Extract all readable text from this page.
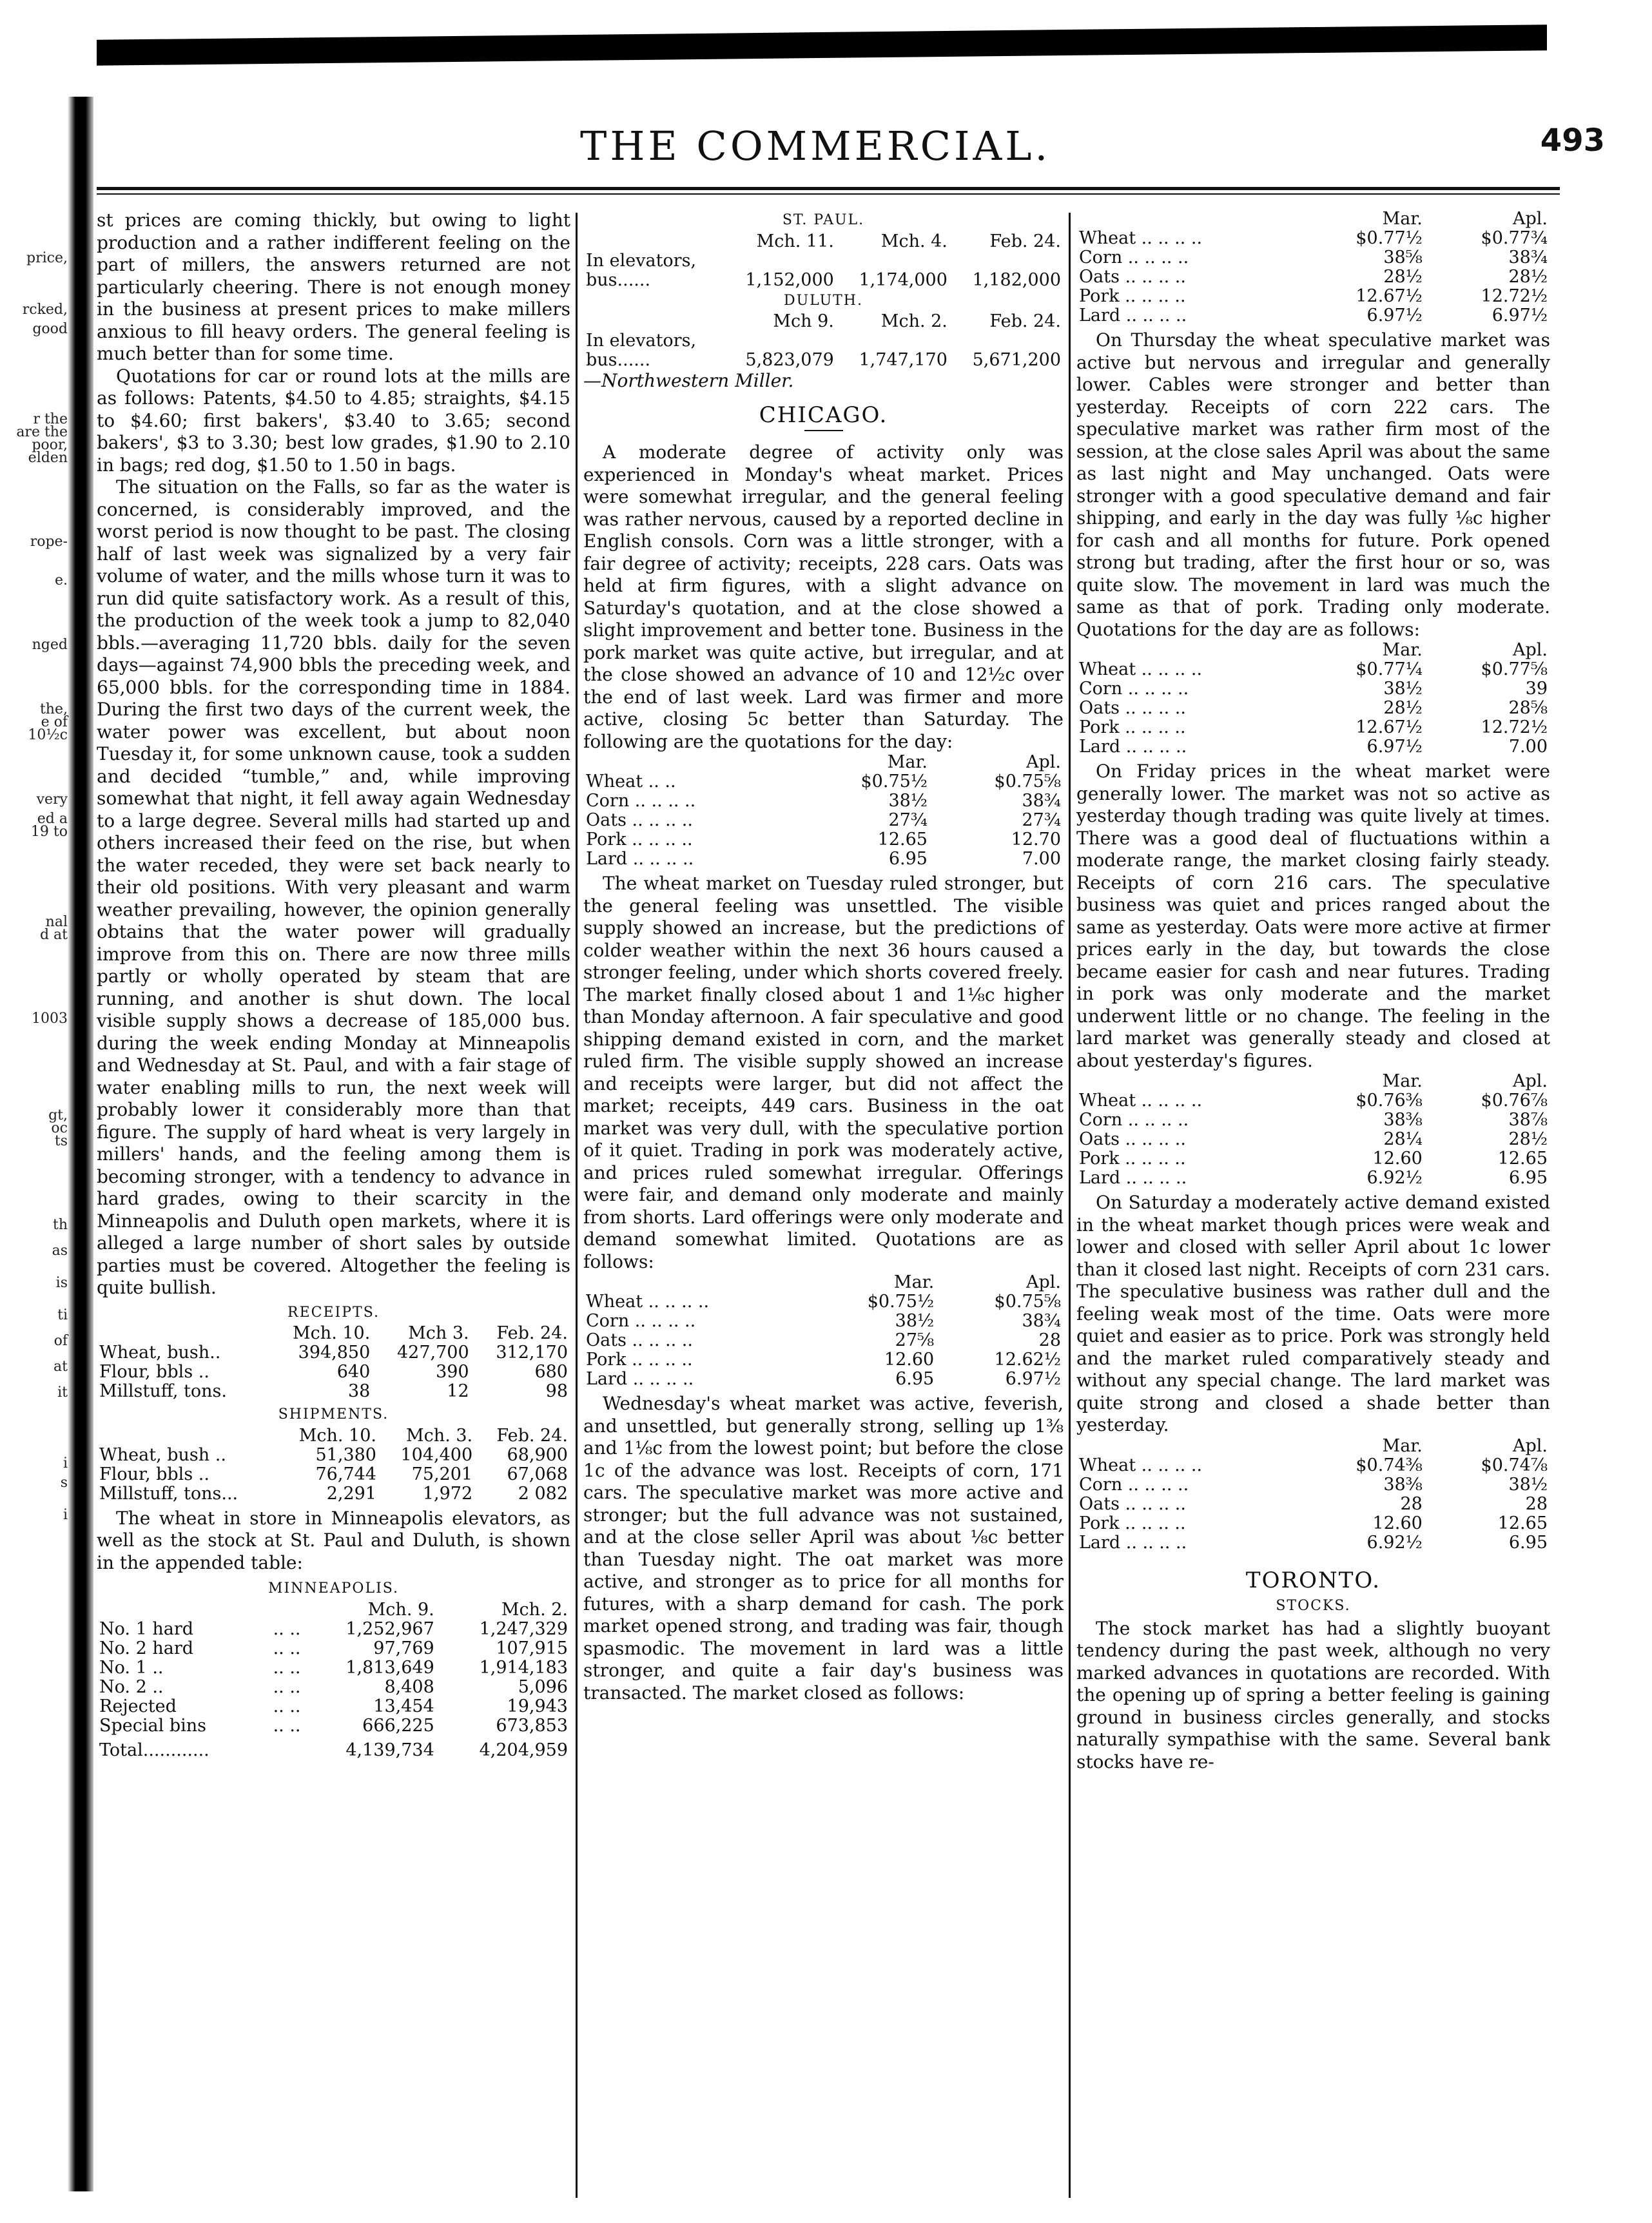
price,
rcked,
good
r the
are the
poor,
elden
rope-
e.
nged
the,
e of
10½c
very
ed a
19 to
nal
d at
1003
gt,
oc
ts
th
as
is
ti
of
at
it
i
s
i
THE COMMERCIAL.	493

st prices are coming thickly, but owing to light production and a rather indifferent feeling on the part of millers, the answers returned are not particularly cheering. There is not enough money in the business at present prices to make millers anxious to fill heavy orders. The general feeling is much better than for some time.

Quotations for car or round lots at the mills are as follows: Patents, $4.50 to 4.85; straights, $4.15 to $4.60; first bakers', $3.40 to 3.65; second bakers', $3 to 3.30; best low grades, $1.90 to 2.10 in bags; red dog, $1.50 to 1.50 in bags.

The situation on the Falls, so far as the water is concerned, is considerably improved, and the worst period is now thought to be past. The closing half of last week was signalized by a very fair volume of water, and the mills whose turn it was to run did quite satisfactory work. As a result of this, the production of the week took a jump to 82,040 bbls.—averaging 11,720 bbls. daily for the seven days—against 74,900 bbls the preceding week, and 65,000 bbls. for the corresponding time in 1884. During the first two days of the current week, the water power was excellent, but about noon Tuesday it, for some unknown cause, took a sudden and decided “tumble,” and, while improving somewhat that night, it fell away again Wednesday to a large degree. Several mills had started up and others increased their feed on the rise, but when the water receded, they were set back nearly to their old positions. With very pleasant and warm weather prevailing, however, the opinion generally obtains that the water power will gradually improve from this on. There are now three mills partly or wholly operated by steam that are running, and another is shut down. The local visible supply shows a decrease of 185,000 bus. during the week ending Monday at Minneapolis and Wednesday at St. Paul, and with a fair stage of water enabling mills to run, the next week will probably lower it considerably more than that figure. The supply of hard wheat is very largely in millers' hands, and the feeling among them is becoming stronger, with a tendency to advance in hard grades, owing to their scarcity in the Minneapolis and Duluth open markets, where it is alleged a large number of short sales by outside parties must be covered. Altogether the feeling is quite bullish.

RECEIPTS.
	Mch. 10.	Mch 3.	Feb. 24.
Wheat, bush..	394,850	427,700	312,170
Flour, bbls ..	640	390	680
Millstuff, tons.	38	12	98
SHIPMENTS.
	Mch. 10.	Mch. 3.	Feb. 24.
Wheat, bush ..	51,380	104,400	68,900
Flour, bbls ..	76,744	75,201	67,068
Millstuff, tons...	2,291	1,972	2 082

The wheat in store in Minneapolis elevators, as well as the stock at St. Paul and Duluth, is shown in the appended table:

MINNEAPOLIS.
		Mch. 9.	Mch. 2.
No. 1 hard	.. ..	1,252,967	1,247,329
No. 2 hard	.. ..	97,769	107,915
No. 1 ..	.. ..	1,813,649	1,914,183
No. 2 ..	.. ..	8,408	5,096
Rejected	.. ..	13,454	19,943
Special bins	.. ..	666,225	673,853
Total............		4,139,734	4,204,959
ST. PAUL.
	Mch. 11.	Mch. 4.	Feb. 24.
In elevators,			
bus......	1,152,000	1,174,000	1,182,000
DULUTH.
	Mch 9.	Mch. 2.	Feb. 24.
In elevators,			
bus......	5,823,079	1,747,170	5,671,200

—Northwestern Miller.

CHICAGO.

A moderate degree of activity only was experienced in Monday's wheat market. Prices were somewhat irregular, and the general feeling was rather nervous, caused by a reported decline in English consols. Corn was a little stronger, with a fair degree of activity; receipts, 228 cars. Oats was held at firm figures, with a slight advance on Saturday's quotation, and at the close showed a slight improvement and better tone. Business in the pork market was quite active, but irregular, and at the close showed an advance of 10 and 12½c over the end of last week. Lard was firmer and more active, closing 5c better than Saturday. The following are the quotations for the day:

	Mar.	Apl.
Wheat .. ..	$0.75½	$0.75⅝
Corn .. .. .. ..	38½	38¾
Oats .. .. .. ..	27¾	27¾
Pork .. .. .. ..	12.65	12.70
Lard .. .. .. ..	6.95	7.00

The wheat market on Tuesday ruled stronger, but the general feeling was unsettled. The visible supply showed an increase, but the predictions of colder weather within the next 36 hours caused a stronger feeling, under which shorts covered freely. The market finally closed about 1 and 1⅛c higher than Monday afternoon. A fair speculative and good shipping demand existed in corn, and the market ruled firm. The visible supply showed an increase and receipts were larger, but did not affect the market; receipts, 449 cars. Business in the oat market was very dull, with the speculative portion of it quiet. Trading in pork was moderately active, and prices ruled somewhat irregular. Offerings were fair, and demand only moderate and mainly from shorts. Lard offerings were only moderate and demand somewhat limited. Quotations are as follows:

	Mar.	Apl.
Wheat .. .. .. ..	$0.75½	$0.75⅝
Corn .. .. .. ..	38½	38¾
Oats .. .. .. ..	27⅝	28
Pork .. .. .. ..	12.60	12.62½
Lard .. .. .. ..	6.95	6.97½

Wednesday's wheat market was active, feverish, and unsettled, but generally strong, selling up 1⅜ and 1⅛c from the lowest point; but before the close 1c of the advance was lost. Receipts of corn, 171 cars. The speculative market was more active and stronger; but the full advance was not sustained, and at the close seller April was about ⅛c better than Tuesday night. The oat market was more active, and stronger as to price for all months for futures, with a sharp demand for cash. The pork market opened strong, and trading was fair, though spasmodic. The movement in lard was a little stronger, and quite a fair day's business was transacted. The market closed as follows:

	Mar.	Apl.
Wheat .. .. .. ..	$0.77½	$0.77¾
Corn .. .. .. ..	38⅝	38¾
Oats .. .. .. ..	28½	28½
Pork .. .. .. ..	12.67½	12.72½
Lard .. .. .. ..	6.97½	6.97½

On Thursday the wheat speculative market was active but nervous and irregular and generally lower. Cables were stronger and better than yesterday. Receipts of corn 222 cars. The speculative market was rather firm most of the session, at the close sales April was about the same as last night and May unchanged. Oats were stronger with a good speculative demand and fair shipping, and early in the day was fully ⅛c higher for cash and all months for future. Pork opened strong but trading, after the first hour or so, was quite slow. The movement in lard was much the same as that of pork. Trading only moderate. Quotations for the day are as follows:

	Mar.	Apl.
Wheat .. .. .. ..	$0.77¼	$0.77⅝
Corn .. .. .. ..	38½	39
Oats .. .. .. ..	28½	28⅝
Pork .. .. .. ..	12.67½	12.72½
Lard .. .. .. ..	6.97½	7.00

On Friday prices in the wheat market were generally lower. The market was not so active as yesterday though trading was quite lively at times. There was a good deal of fluctuations within a moderate range, the market closing fairly steady. Receipts of corn 216 cars. The speculative business was quiet and prices ranged about the same as yesterday. Oats were more active at firmer prices early in the day, but towards the close became easier for cash and near futures. Trading in pork was only moderate and the market underwent little or no change. The feeling in the lard market was generally steady and closed at about yesterday's figures.

	Mar.	Apl.
Wheat .. .. .. ..	$0.76⅜	$0.76⅞
Corn .. .. .. ..	38⅜	38⅞
Oats .. .. .. ..	28¼	28½
Pork .. .. .. ..	12.60	12.65
Lard .. .. .. ..	6.92½	6.95

On Saturday a moderately active demand existed in the wheat market though prices were weak and lower and closed with seller April about 1c lower than it closed last night. Receipts of corn 231 cars. The speculative business was rather dull and the feeling weak most of the time. Oats were more quiet and easier as to price. Pork was strongly held and the market ruled comparatively steady and without any special change. The lard market was quite strong and closed a shade better than yesterday.

	Mar.	Apl.
Wheat .. .. .. ..	$0.74⅜	$0.74⅞
Corn .. .. .. ..	38⅜	38½
Oats .. .. .. ..	28	28
Pork .. .. .. ..	12.60	12.65
Lard .. .. .. ..	6.92½	6.95
TORONTO.
STOCKS.

The stock market has had a slightly buoyant tendency during the past week, although no very marked advances in quotations are recorded. With the opening up of spring a better feeling is gaining ground in business circles generally, and stocks naturally sympathise with the same. Several bank stocks have re-
